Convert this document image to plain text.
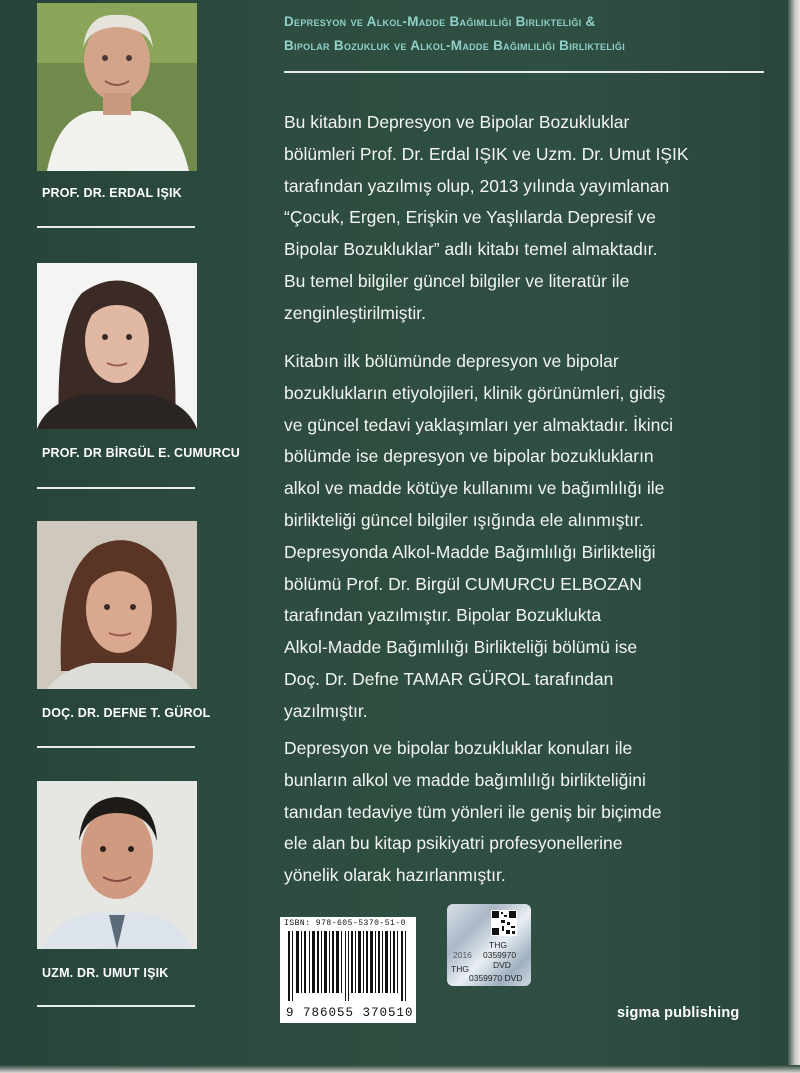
Depresyon ve Alkol-Madde Bağımlılığı Birlikteliği &
Bipolar Bozukluk ve Alkol-Madde Bağımlılığı Birlikteliği
PROF. DR. ERDAL IŞIK
PROF. DR BİRGÜL E. CUMURCU
DOÇ. DR. DEFNE T. GÜROL
UZM. DR. UMUT IŞIK
Bu kitabın Depresyon ve Bipolar Bozukluklar
bölümleri Prof. Dr. Erdal IŞIK ve Uzm. Dr. Umut IŞIK
tarafından yazılmış olup, 2013 yılında yayımlanan
“Çocuk, Ergen, Erişkin ve Yaşlılarda Depresif ve
Bipolar Bozukluklar” adlı kitabı temel almaktadır.
Bu temel bilgiler güncel bilgiler ve literatür ile
zenginleştirilmiştir.
Kitabın ilk bölümünde depresyon ve bipolar
bozuklukların etiyolojileri, klinik görünümleri, gidiş
ve güncel tedavi yaklaşımları yer almaktadır. İkinci
bölümde ise depresyon ve bipolar bozuklukların
alkol ve madde kötüye kullanımı ve bağımlılığı ile
birlikteliği güncel bilgiler ışığında ele alınmıştır.
Depresyonda Alkol-Madde Bağımlılığı Birlikteliği
bölümü Prof. Dr. Birgül CUMURCU ELBOZAN
tarafından yazılmıştır. Bipolar Bozuklukta
Alkol-Madde Bağımlılığı Birlikteliği bölümü ise
Doç. Dr. Defne TAMAR GÜROL tarafından
yazılmıştır.
Depresyon ve bipolar bozukluklar konuları ile
bunların alkol ve madde bağımlılığı birlikteliğini
tanıdan tedaviye tüm yönleri ile geniş bir biçimde
ele alan bu kitap psikiyatri profesyonellerine
yönelik olarak hazırlanmıştır.
ISBN: 978-605-5370-51-0
9 786055 370510
THG
0359970
DVD
2016
THG
0359970 DVD
sigma publishing
